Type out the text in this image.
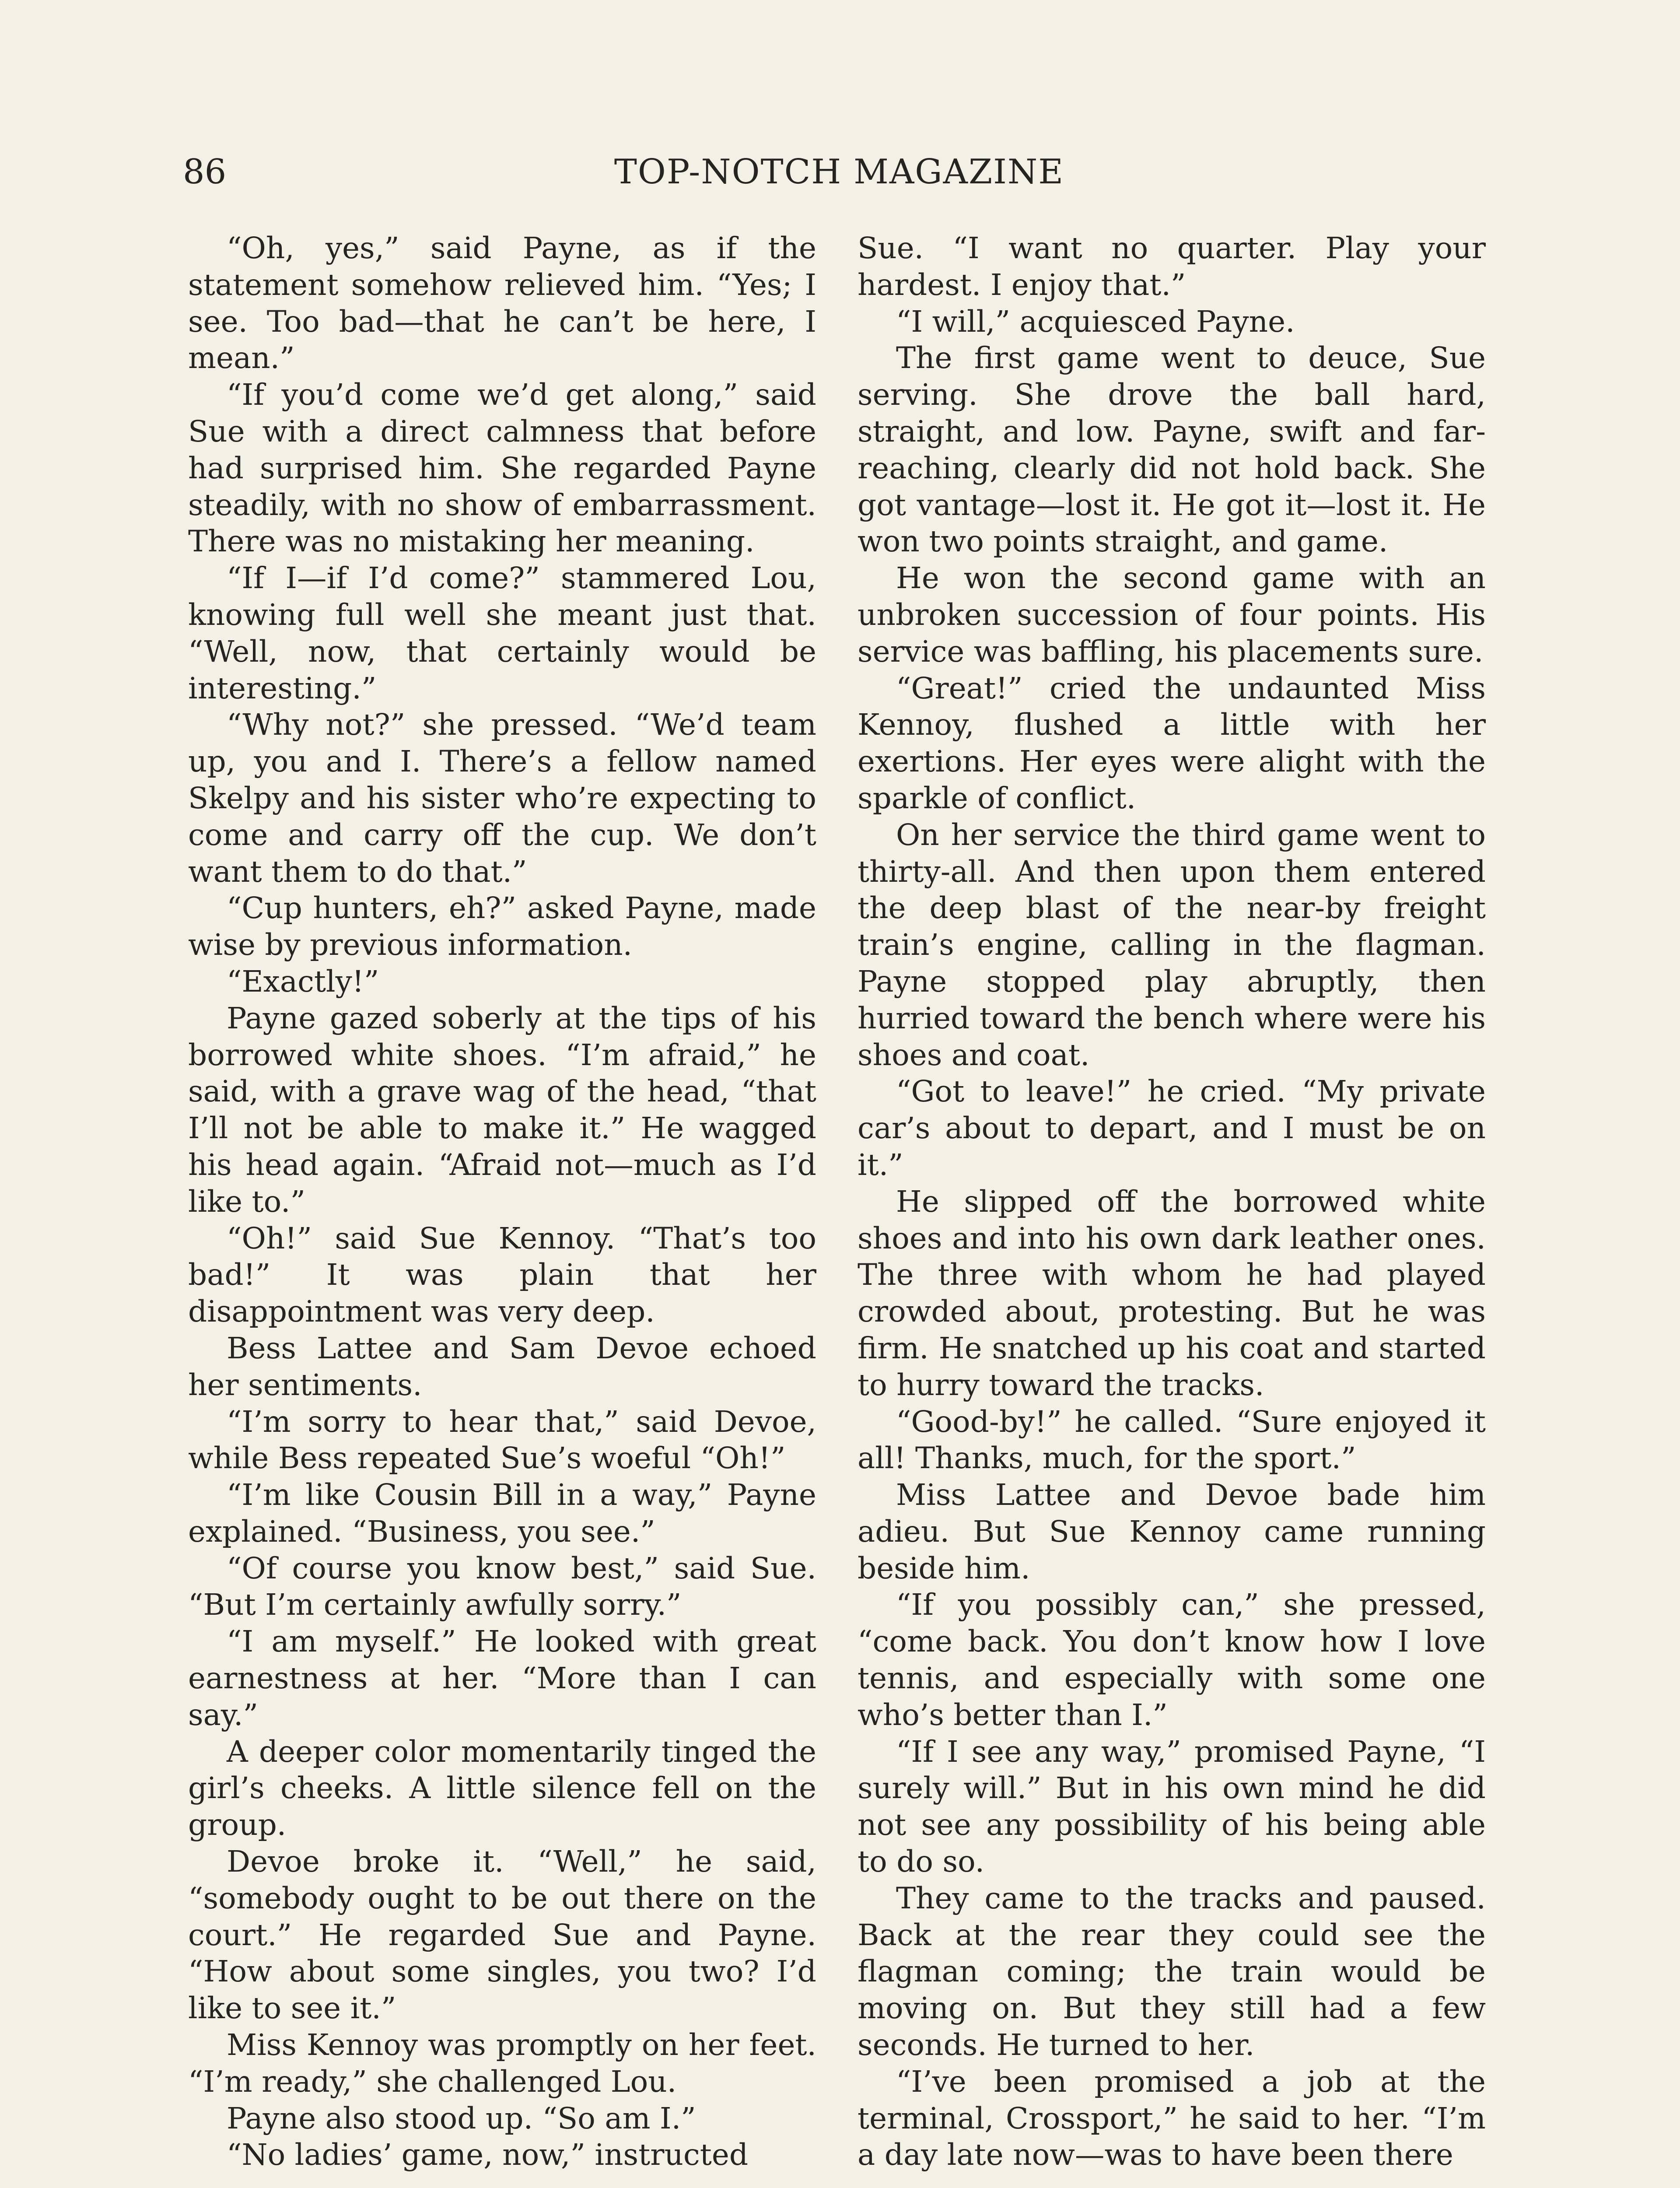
86	TOP-NOTCH MAGAZINE

“Oh, yes,” said Payne, as if the statement somehow relieved him. “Yes; I see. Too bad—that he can’t be here, I mean.”

“If you’d come we’d get along,” said Sue with a direct calmness that before had surprised him. She regarded Payne steadily, with no show of embarrassment. There was no mistaking her meaning.

“If I—if I’d come?” stammered Lou, knowing full well she meant just that. “Well, now, that certainly would be interesting.”

“Why not?” she pressed. “We’d team up, you and I. There’s a fellow named Skelpy and his sister who’re expecting to come and carry off the cup. We don’t want them to do that.”

“Cup hunters, eh?” asked Payne, made wise by previous information.

“Exactly!”

Payne gazed soberly at the tips of his borrowed white shoes. “I’m afraid,” he said, with a grave wag of the head, “that I’ll not be able to make it.” He wagged his head again. “Afraid not—much as I’d like to.”

“Oh!” said Sue Kennoy. “That’s too bad!” It was plain that her disappointment was very deep.

Bess Lattee and Sam Devoe echoed her sentiments.

“I’m sorry to hear that,” said Devoe, while Bess repeated Sue’s woeful “Oh!”

“I’m like Cousin Bill in a way,” Payne explained. “Business, you see.”

“Of course you know best,” said Sue. “But I’m certainly awfully sorry.”

“I am myself.” He looked with great earnestness at her. “More than I can say.”

A deeper color momentarily tinged the girl’s cheeks. A little silence fell on the group.

Devoe broke it. “Well,” he said, “somebody ought to be out there on the court.” He regarded Sue and Payne. “How about some singles, you two? I’d like to see it.”

Miss Kennoy was promptly on her feet. “I’m ready,” she challenged Lou.

Payne also stood up. “So am I.”

“No ladies’ game, now,” instructed

Sue. “I want no quarter. Play your hardest. I enjoy that.”

“I will,” acquiesced Payne.

The first game went to deuce, Sue serving. She drove the ball hard, straight, and low. Payne, swift and far-reaching, clearly did not hold back. She got vantage—lost it. He got it—lost it. He won two points straight, and game.

He won the second game with an unbroken succession of four points. His service was baffling, his placements sure.

“Great!” cried the undaunted Miss Kennoy, flushed a little with her exertions. Her eyes were alight with the sparkle of conflict.

On her service the third game went to thirty-all. And then upon them entered the deep blast of the near-by freight train’s engine, calling in the flagman. Payne stopped play abruptly, then hurried toward the bench where were his shoes and coat.

“Got to leave!” he cried. “My private car’s about to depart, and I must be on it.”

He slipped off the borrowed white shoes and into his own dark leather ones. The three with whom he had played crowded about, protesting. But he was firm. He snatched up his coat and started to hurry toward the tracks.

“Good-by!” he called. “Sure enjoyed it all! Thanks, much, for the sport.”

Miss Lattee and Devoe bade him adieu. But Sue Kennoy came running beside him.

“If you possibly can,” she pressed, “come back. You don’t know how I love tennis, and especially with some one who’s better than I.”

“If I see any way,” promised Payne, “I surely will.” But in his own mind he did not see any possibility of his being able to do so.

They came to the tracks and paused. Back at the rear they could see the flagman coming; the train would be moving on. But they still had a few seconds. He turned to her.

“I’ve been promised a job at the terminal, Crossport,” he said to her. “I’m a day late now—was to have been there
